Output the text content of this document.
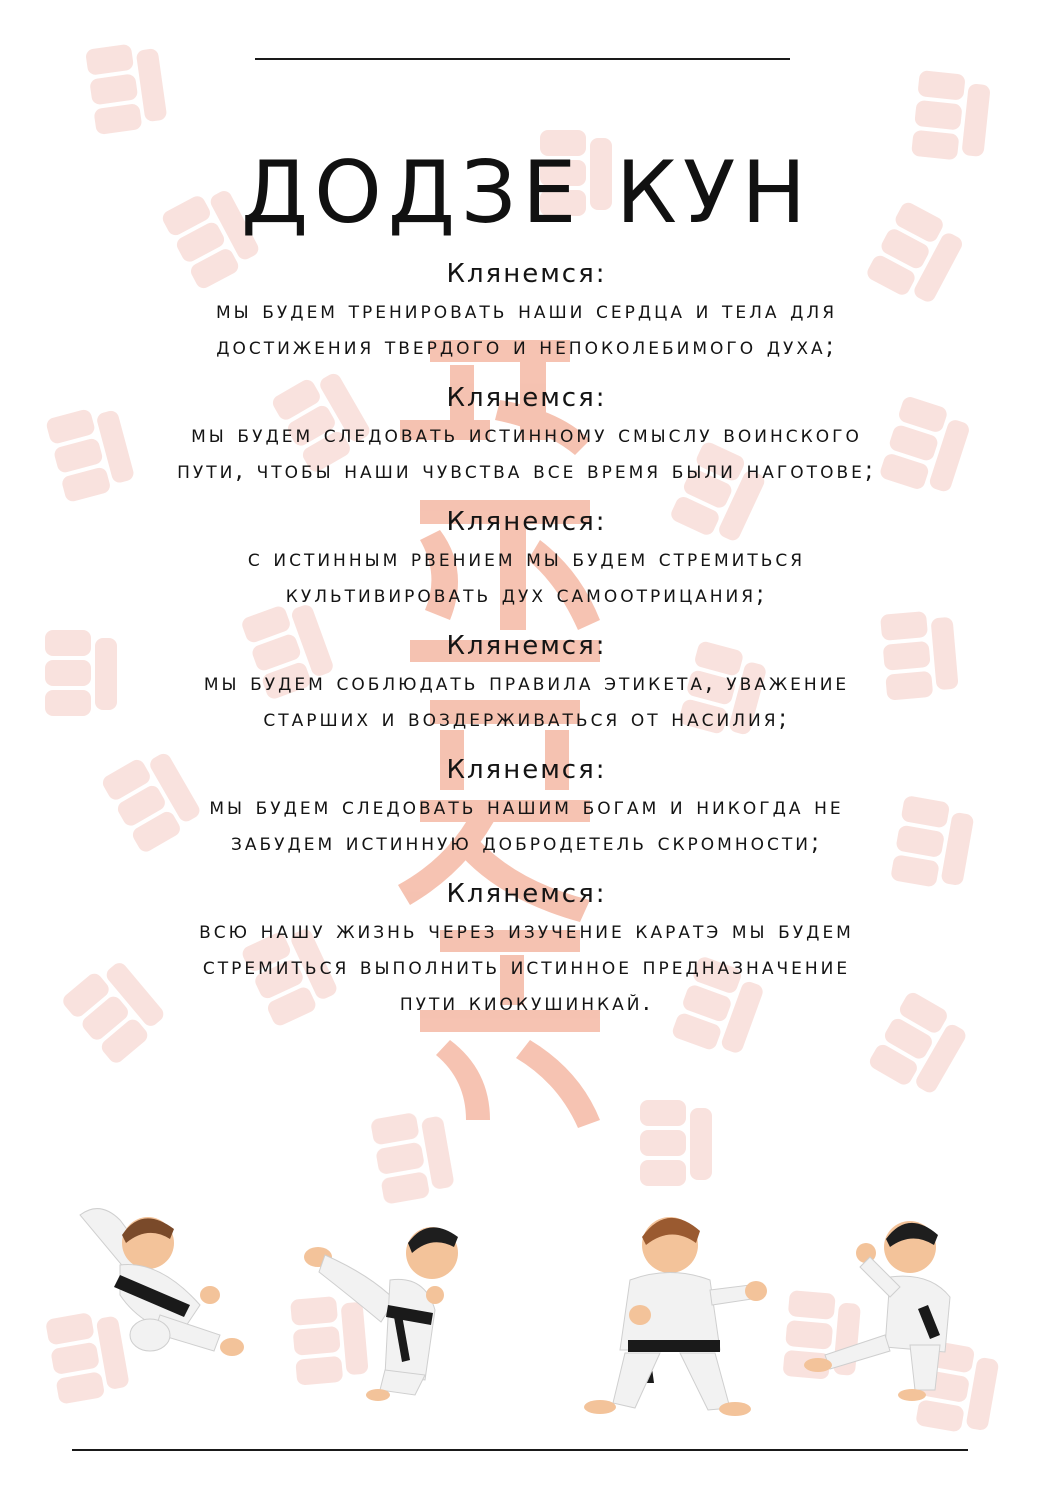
ДОДЗЕ КУН
Клянемся:
мы будем тренировать наши сердца и тела для
достижения твердого и непоколебимого духа;
Клянемся:
мы будем следовать истинному смыслу воинского
пути, чтобы наши чувства все время были наготове;
Клянемся:
с истинным рвением мы будем стремиться
культивировать дух самоотрицания;
Клянемся:
мы будем соблюдать правила этикета, уважение
старших и воздерживаться от насилия;
Клянемся:
мы будем следовать нашим богам и никогда не
забудем истинную добродетель скромности;
Клянемся:
всю нашу жизнь через изучение каратэ мы будем
стремиться выполнить истинное предназначение
пути киокушинкай.
